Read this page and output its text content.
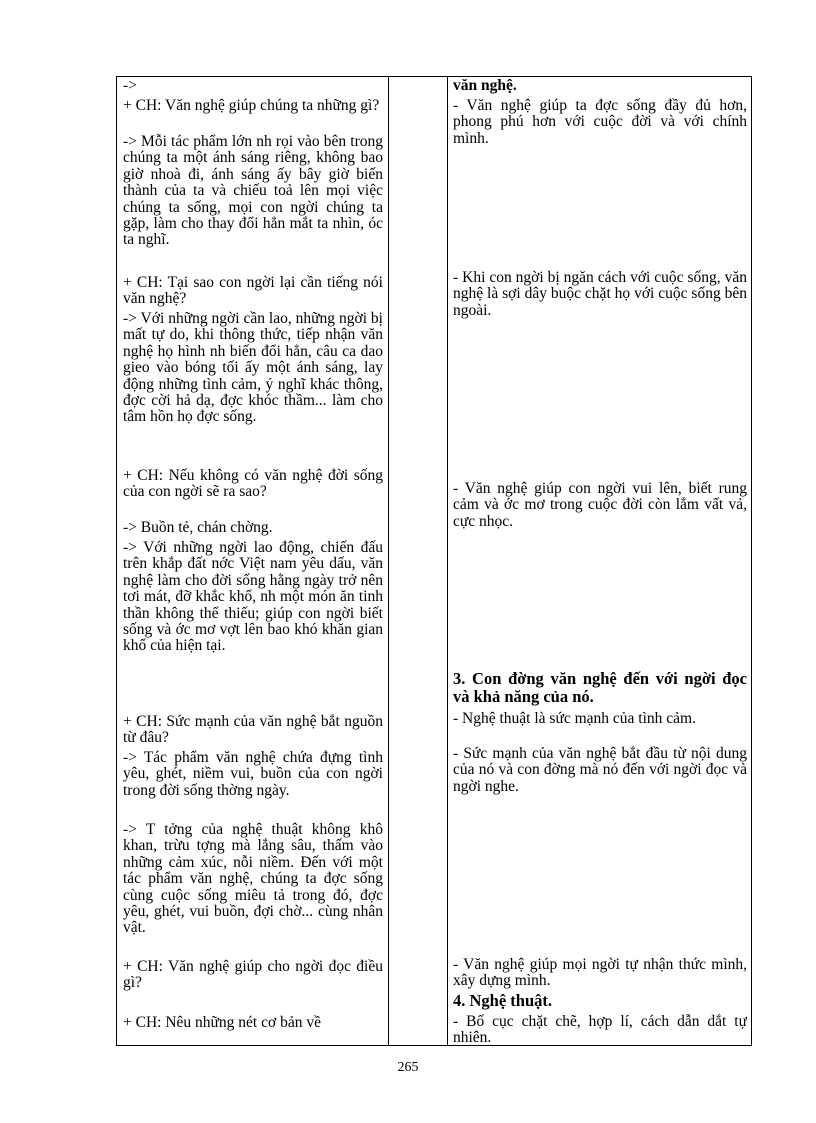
->

+ CH: Văn nghệ giúp chúng ta những gì?

-> Mỗi tác phẩm lớn nh rọi vào bên trong chúng ta một ánh sáng riêng, không bao giờ nhoà đi, ánh sáng ấy bây giờ biến thành của ta và chiếu toả lên mọi việc chúng ta sống, mọi con ngời chúng ta gặp, làm cho thay đổi hẳn mắt ta nhìn, óc ta nghĩ.

+ CH: Tại sao con ngời lại cần tiếng nói văn nghệ?

-> Với những ngời cần lao, những ngời bị mất tự do, khi thông thức, tiếp nhận văn nghệ họ hình nh biến đổi hẳn, câu ca dao gieo vào bóng tối ấy một ánh sáng, lay động những tình cảm, ý nghĩ khác thông, đợc cời hả dạ, đợc khóc thầm... làm cho tâm hồn họ đợc sống.

+ CH: Nếu không có văn nghệ đời sống của con ngời sẽ ra sao?

-> Buồn tẻ, chán chờng.

-> Với những ngời lao động, chiến đấu trên khắp đất nớc Việt nam yêu dấu, văn nghệ làm cho đời sống hằng ngày trở nên tơi mát, đỡ khắc khổ, nh một món ăn tinh thần không thể thiếu; giúp con ngời biết sống và ớc mơ vợt lên bao khó khăn gian khổ của hiện tại.

+ CH: Sức mạnh của văn nghệ bắt nguồn từ đâu?

-> Tác phẩm văn nghệ chứa đựng tình yêu, ghét, niềm vui, buồn của con ngời trong đời sống thờng ngày.

-> T tởng của nghệ thuật không khô khan, trừu tợng mà lắng sâu, thấm vào những cảm xúc, nỗi niềm. Đến với một tác phẩm văn nghệ, chúng ta đợc sống cùng cuộc sống miêu tả trong đó, đợc yêu, ghét, vui buồn, đợi chờ... cùng nhân vật.

+ CH: Văn nghệ giúp cho ngời đọc điều gì?

+ CH: Nêu những nét cơ bản về

văn nghệ.

- Văn nghệ giúp ta đợc sống đầy đủ hơn, phong phú hơn với cuộc đời và với chính mình.

- Khi con ngời bị ngăn cách với cuộc sống, văn nghệ là sợi dây buộc chặt họ với cuộc sống bên ngoài.

- Văn nghệ giúp con ngời vui lên, biết rung cảm và ớc mơ trong cuộc đời còn lắm vất vả, cực nhọc.

3. Con đờng văn nghệ đến với ngời đọc và khả năng của nó.

- Nghệ thuật là sức mạnh của tình cảm.

- Sức mạnh của văn nghệ bắt đầu từ nội dung của nó và con đờng mà nó đến với ngời đọc và ngời nghe.

- Văn nghệ giúp mọi ngời tự nhận thức mình, xây dựng mình.

4. Nghệ thuật.

- Bố cục chặt chẽ, hợp lí, cách dẫn dắt tự nhiên.

265
